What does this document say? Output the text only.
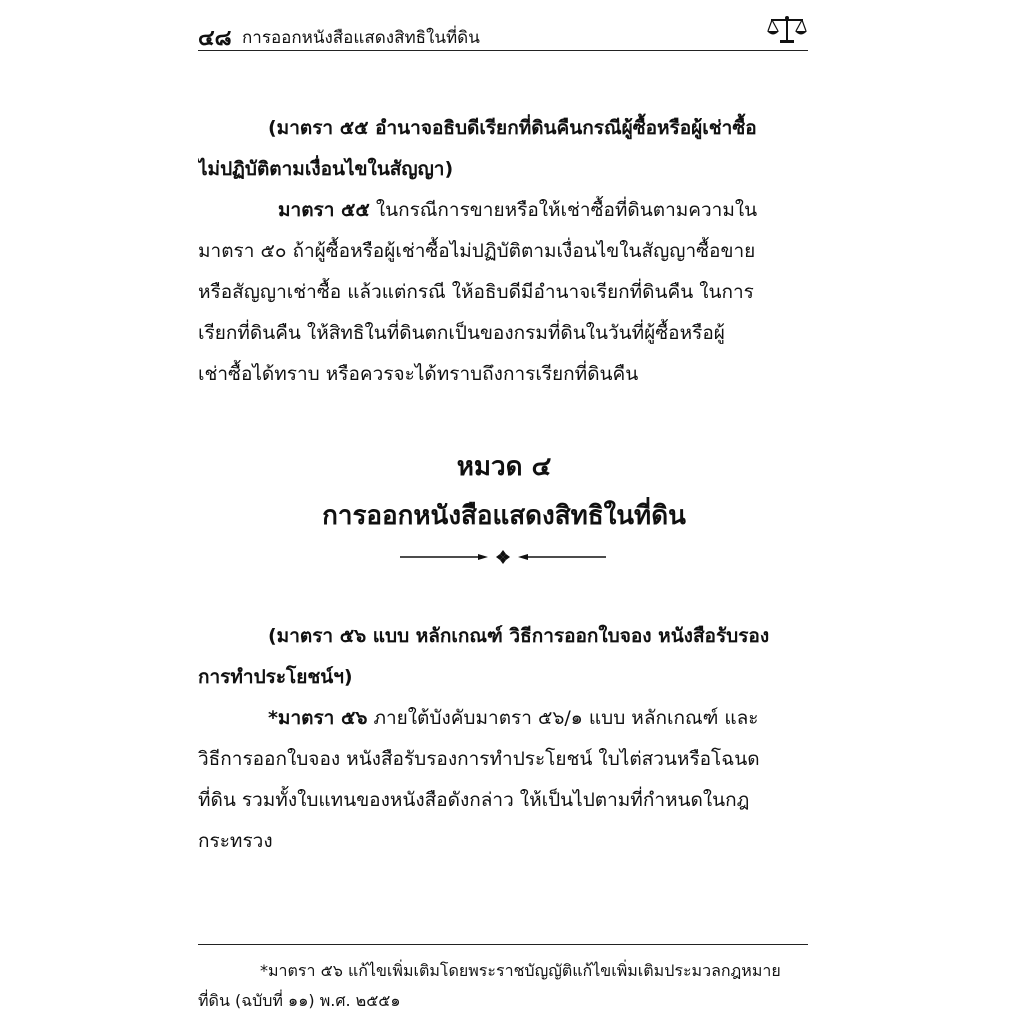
๔๘ การออกหนังสือแสดงสิทธิในที่ดิน
(มาตรา ๕๕ อำนาจอธิบดีเรียกที่ดินคืนกรณีผู้ซื้อหรือผู้เช่าซื้อ
ไม่ปฏิบัติตามเงื่อนไขในสัญญา)
มาตรา ๕๕ ในกรณีการขายหรือให้เช่าซื้อที่ดินตามความใน
มาตรา ๕๐ ถ้าผู้ซื้อหรือผู้เช่าซื้อไม่ปฏิบัติตามเงื่อนไขในสัญญาซื้อขาย
หรือสัญญาเช่าซื้อ แล้วแต่กรณี ให้อธิบดีมีอำนาจเรียกที่ดินคืน ในการ
เรียกที่ดินคืน ให้สิทธิในที่ดินตกเป็นของกรมที่ดินในวันที่ผู้ซื้อหรือผู้
เช่าซื้อได้ทราบ หรือควรจะได้ทราบถึงการเรียกที่ดินคืน
หมวด ๔
การออกหนังสือแสดงสิทธิในที่ดิน
(มาตรา ๕๖ แบบ หลักเกณฑ์ วิธีการออกใบจอง หนังสือรับรอง
การทำประโยชน์ฯ)
*มาตรา ๕๖ ภายใต้บังคับมาตรา ๕๖/๑ แบบ หลักเกณฑ์ และ
วิธีการออกใบจอง หนังสือรับรองการทำประโยชน์ ใบไต่สวนหรือโฉนด
ที่ดิน รวมทั้งใบแทนของหนังสือดังกล่าว ให้เป็นไปตามที่กำหนดในกฎ
กระทรวง
*มาตรา ๕๖ แก้ไขเพิ่มเติมโดยพระราชบัญญัติแก้ไขเพิ่มเติมประมวลกฎหมาย
ที่ดิน (ฉบับที่ ๑๑) พ.ศ. ๒๕๕๑
